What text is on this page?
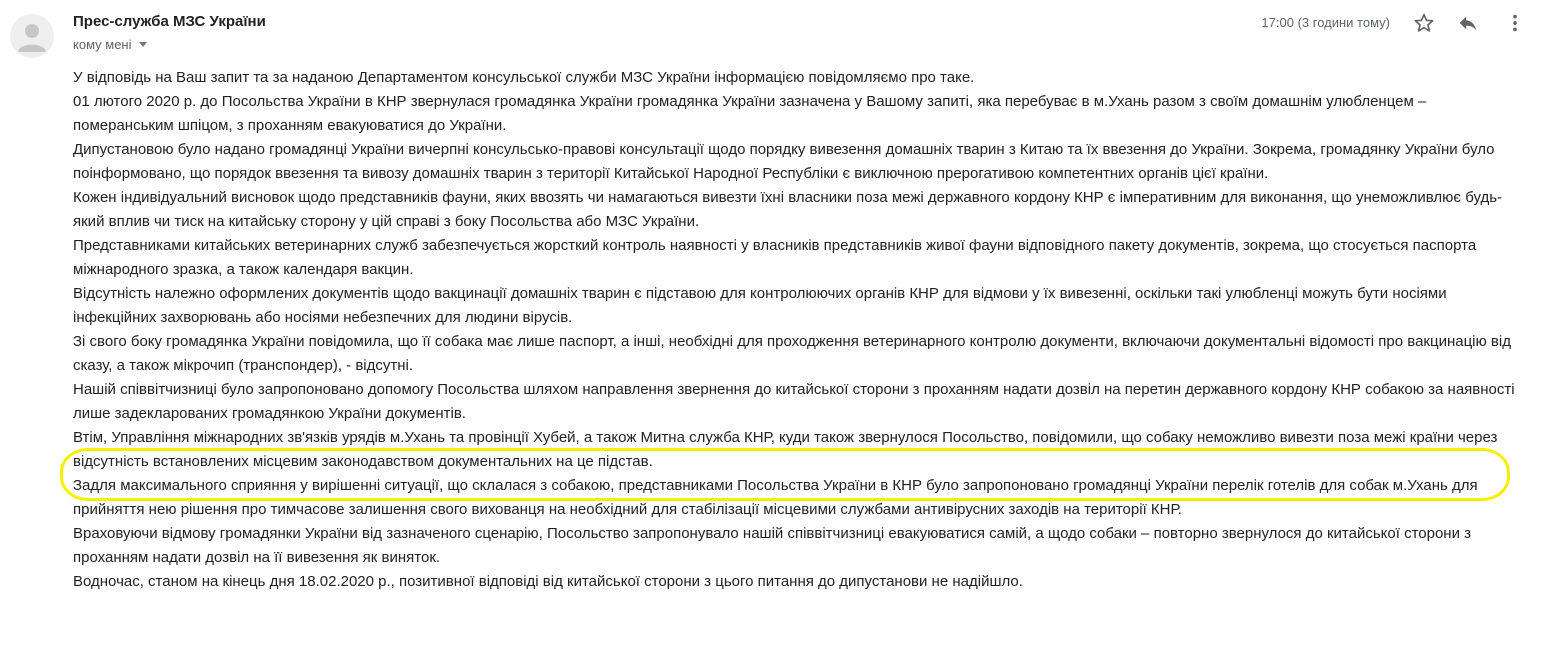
Прес-служба МЗС України
кому мені
17:00 (3 години тому)

У відповідь на Ваш запит та за наданою Департаментом консульської служби МЗС України інформацією повідомляємо про таке.

01 лютого 2020 р. до Посольства України в КНР звернулася громадянка України громадянка України зазначена у Вашому запиті, яка перебуває в м.Ухань разом з своїм домашнім улюбленцем – померанським шпіцом, з проханням евакуюватися до України.

Дипустановою було надано громадянці України вичерпні консульсько-правові консультації щодо порядку вивезення домашніх тварин з Китаю та їх ввезення до України. Зокрема, громадянку України було поінформовано, що порядок ввезення та вивозу домашніх тварин з території Китайської Народної Республіки є виключною прерогативою компетентних органів цієї країни.

Кожен індивідуальний висновок щодо представників фауни, яких ввозять чи намагаються вивезти їхні власники поза межі державного кордону КНР є імперативним для виконання, що унеможливлює будь-який вплив чи тиск на китайську сторону у цій справі з боку Посольства або МЗС України.

Представниками китайських ветеринарних служб забезпечується жорсткий контроль наявності у власників представників живої фауни відповідного пакету документів, зокрема, що стосується паспорта міжнародного зразка, а також календаря вакцин.

Відсутність належно оформлених документів щодо вакцинації домашніх тварин є підставою для контролюючих органів КНР для відмови у їх вивезенні, оскільки такі улюбленці можуть бути носіями інфекційних захворювань або носіями небезпечних для людини вірусів.

Зі свого боку громадянка України повідомила, що її собака має лише паспорт, а інші, необхідні для проходження ветеринарного контролю документи, включаючи документальні відомості про вакцинацію від сказу, а також мікрочип (транспондер), - відсутні.

Нашій співвітчизниці було запропоновано допомогу Посольства шляхом направлення звернення до китайської сторони з проханням надати дозвіл на перетин державного кордону КНР собакою за наявності лише задекларованих громадянкою України документів.

Втім, Управління міжнародних зв'язків урядів м.Ухань та провінції Хубей, а також Митна служба КНР, куди також звернулося Посольство, повідомили, що собаку неможливо вивезти поза межі країни через відсутність встановлених місцевим законодавством документальних на це підстав.

Задля максимального сприяння у вирішенні ситуації, що склалася з собакою, представниками Посольства України в КНР було запропоновано громадянці України перелік готелів для собак м.Ухань для прийняття нею рішення про тимчасове залишення свого вихованця на необхідний для стабілізації місцевими службами антивірусних заходів на території КНР.

Враховуючи відмову громадянки України від зазначеного сценарію, Посольство запропонувало нашій співвітчизниці евакуюватися самій, а щодо собаки – повторно звернулося до китайської сторони з проханням надати дозвіл на її вивезення як виняток.

Водночас, станом на кінець дня 18.02.2020 р., позитивної відповіді від китайської сторони з цього питання до дипустанови не надійшло.
